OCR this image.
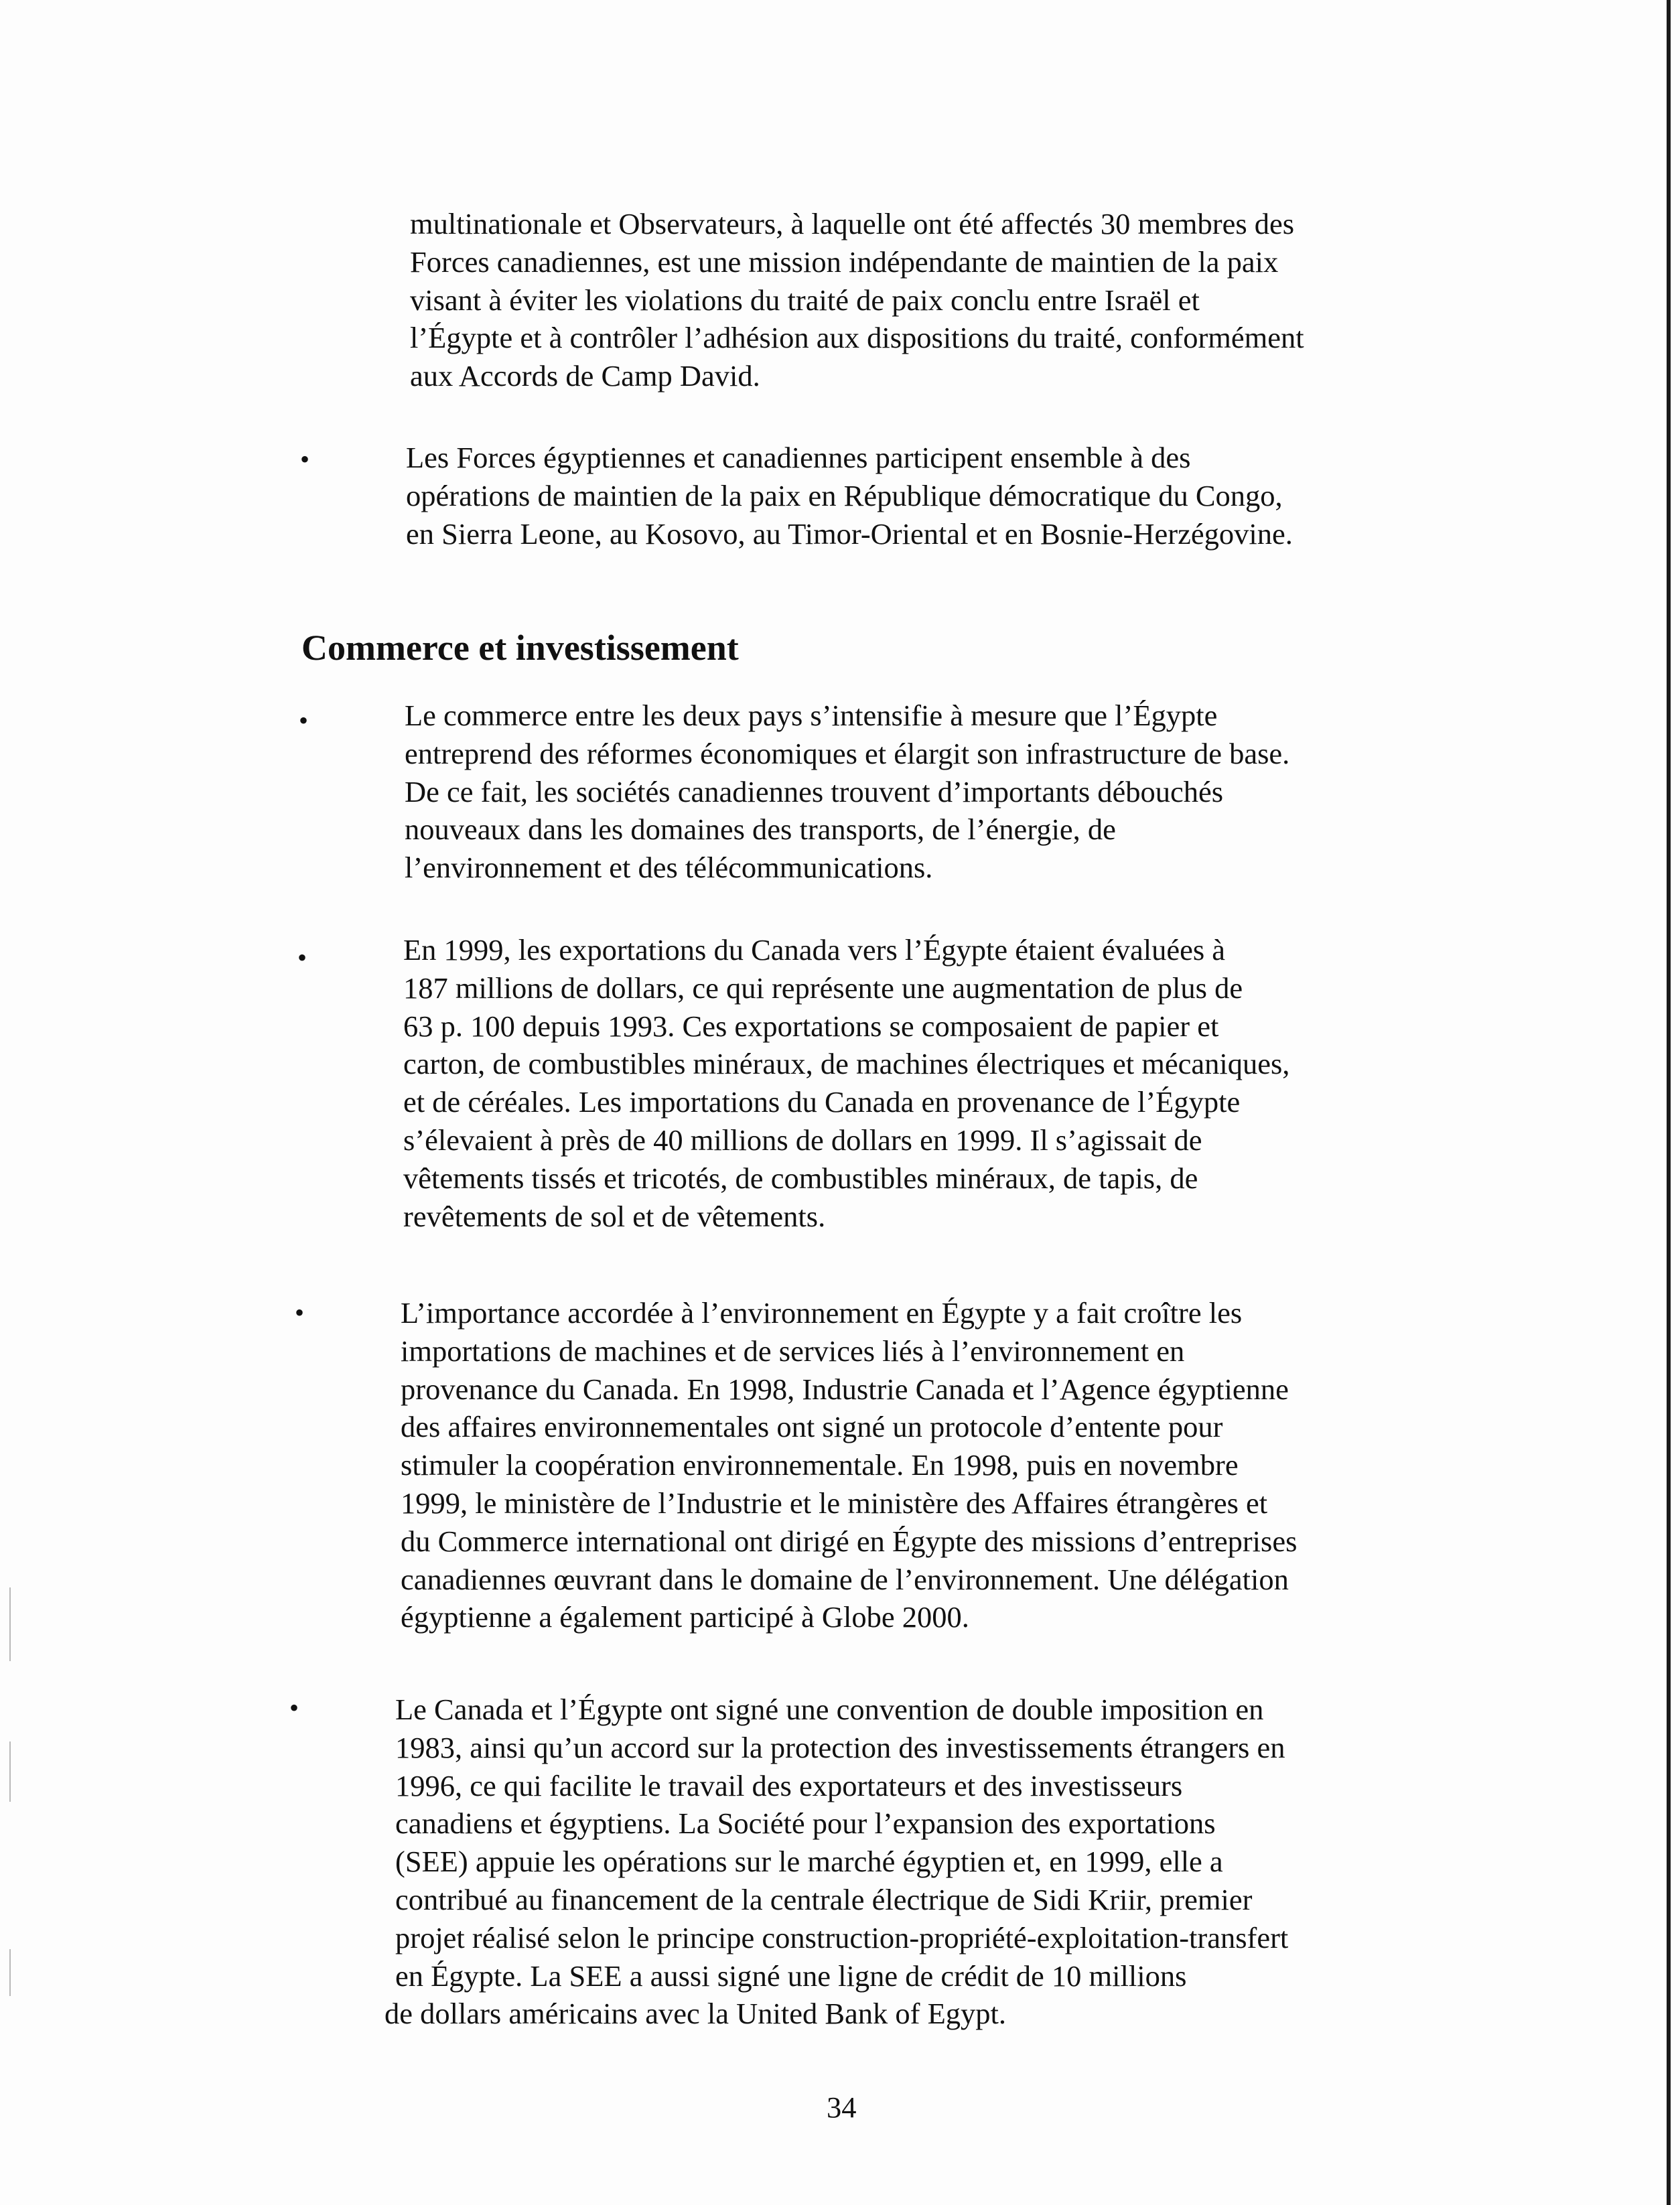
multinationale et Observateurs, à laquelle ont été affectés 30 membres des
Forces canadiennes, est une mission indépendante de maintien de la paix
visant à éviter les violations du traité de paix conclu entre Israël et
l’Égypte et à contrôler l’adhésion aux dispositions du traité, conformément
aux Accords de Camp David.
•	Les Forces égyptiennes et canadiennes participent ensemble à des
opérations de maintien de la paix en République démocratique du Congo,
en Sierra Leone, au Kosovo, au Timor-Oriental et en Bosnie-Herzégovine.
Commerce et investissement
•	Le commerce entre les deux pays s’intensifie à mesure que l’Égypte
entreprend des réformes économiques et élargit son infrastructure de base.
De ce fait, les sociétés canadiennes trouvent d’importants débouchés
nouveaux dans les domaines des transports, de l’énergie, de
l’environnement et des télécommunications.
•	En 1999, les exportations du Canada vers l’Égypte étaient évaluées à
187 millions de dollars, ce qui représente une augmentation de plus de
63 p. 100 depuis 1993. Ces exportations se composaient de papier et
carton, de combustibles minéraux, de machines électriques et mécaniques,
et de céréales. Les importations du Canada en provenance de l’Égypte
s’élevaient à près de 40 millions de dollars en 1999. Il s’agissait de
vêtements tissés et tricotés, de combustibles minéraux, de tapis, de
revêtements de sol et de vêtements.
•	L’importance accordée à l’environnement en Égypte y a fait croître les
importations de machines et de services liés à l’environnement en
provenance du Canada. En 1998, Industrie Canada et l’Agence égyptienne
des affaires environnementales ont signé un protocole d’entente pour
stimuler la coopération environnementale. En 1998, puis en novembre
1999, le ministère de l’Industrie et le ministère des Affaires étrangères et
du Commerce international ont dirigé en Égypte des missions d’entreprises
canadiennes œuvrant dans le domaine de l’environnement. Une délégation
égyptienne a également participé à Globe 2000.
•	Le Canada et l’Égypte ont signé une convention de double imposition en
1983, ainsi qu’un accord sur la protection des investissements étrangers en
1996, ce qui facilite le travail des exportateurs et des investisseurs
canadiens et égyptiens. La Société pour l’expansion des exportations
(SEE) appuie les opérations sur le marché égyptien et, en 1999, elle a
contribué au financement de la centrale électrique de Sidi Kriir, premier
projet réalisé selon le principe construction-propriété-exploitation-transfert
en Égypte. La SEE a aussi signé une ligne de crédit de 10 millions
de dollars américains avec la United Bank of Egypt.
34
